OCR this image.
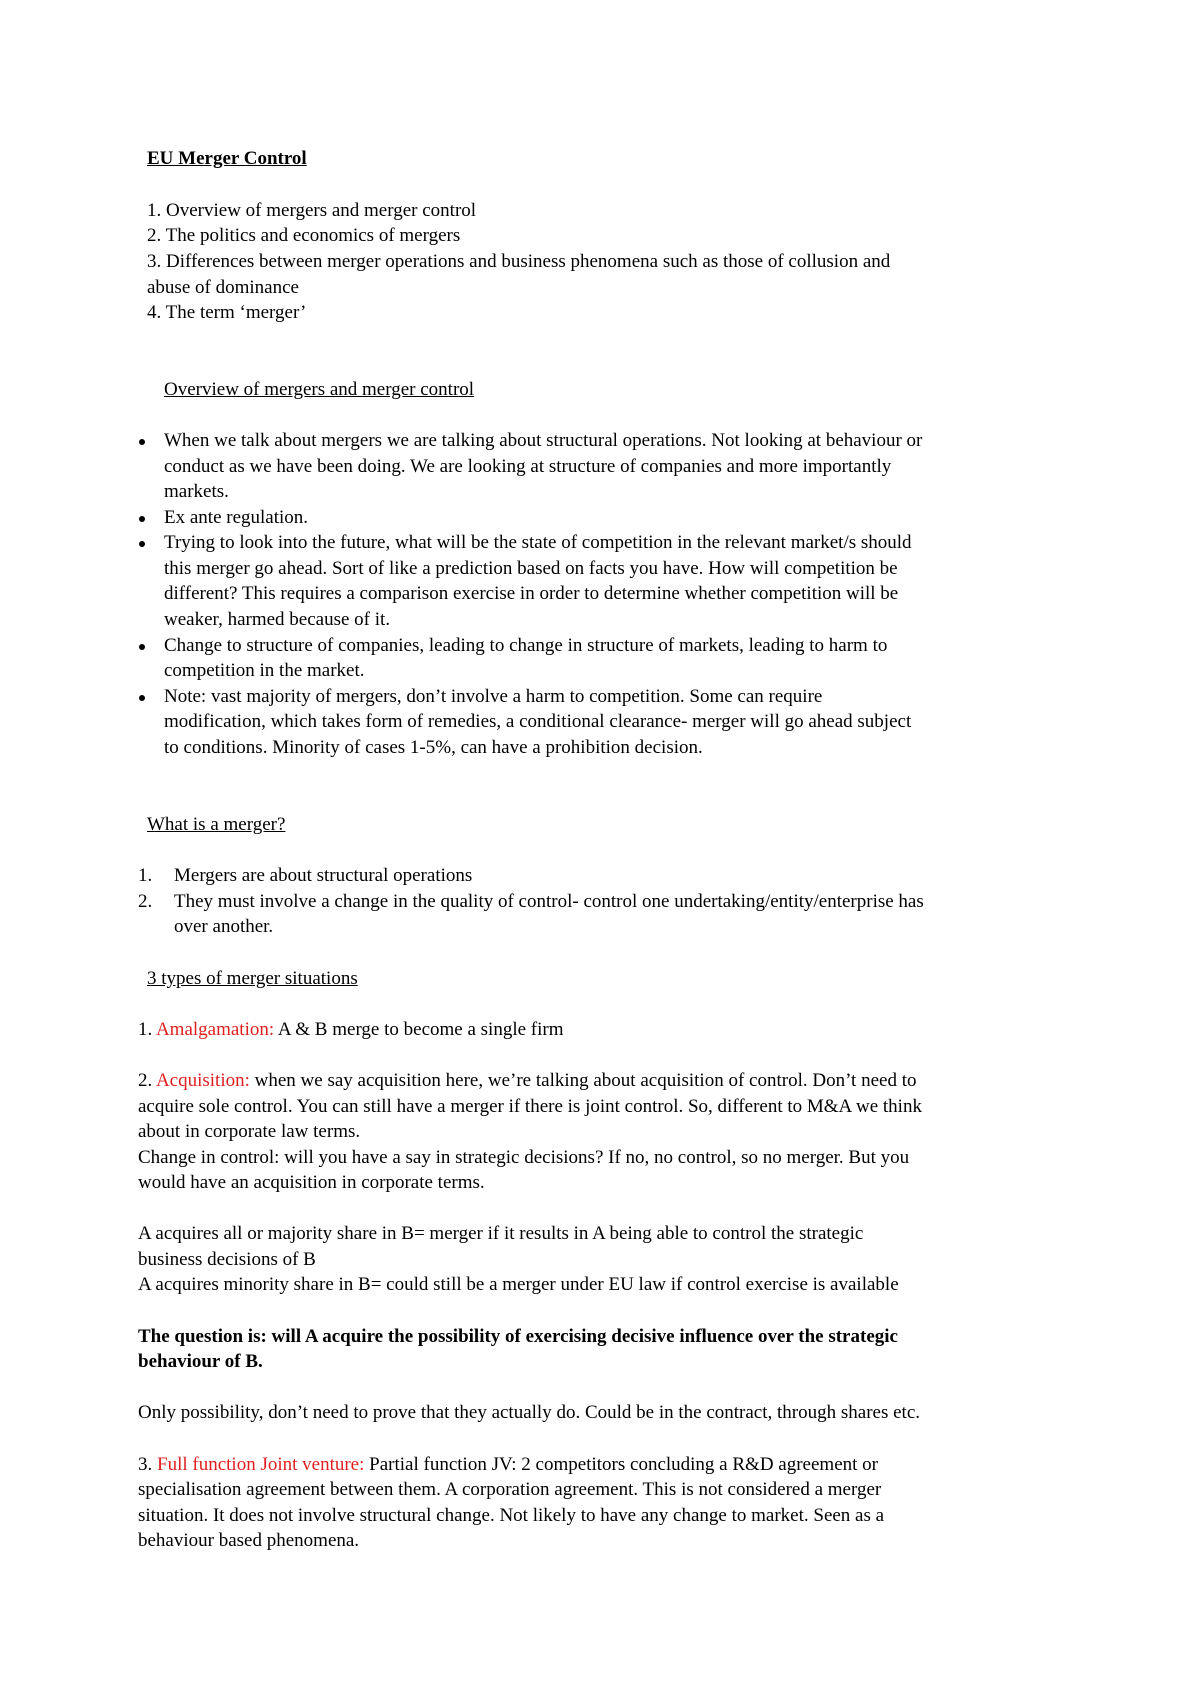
EU Merger Control
1. Overview of mergers and merger control
2. The politics and economics of mergers
3. Differences between merger operations and business phenomena such as those of collusion and
abuse of dominance
4. The term ‘merger’
Overview of mergers and merger control
When we talk about mergers we are talking about structural operations. Not looking at behaviour or
conduct as we have been doing. We are looking at structure of companies and more importantly
markets.
Ex ante regulation.
Trying to look into the future, what will be the state of competition in the relevant market/s should
this merger go ahead. Sort of like a prediction based on facts you have. How will competition be
different? This requires a comparison exercise in order to determine whether competition will be
weaker, harmed because of it.
Change to structure of companies, leading to change in structure of markets, leading to harm to
competition in the market.
Note: vast majority of mergers, don’t involve a harm to competition. Some can require
modification, which takes form of remedies, a conditional clearance- merger will go ahead subject
to conditions. Minority of cases 1-5%, can have a prohibition decision.
What is a merger?
1. Mergers are about structural operations
2. They must involve a change in the quality of control- control one undertaking/entity/enterprise has
over another.
3 types of merger situations
1. Amalgamation: A & B merge to become a single firm
2. Acquisition: when we say acquisition here, we’re talking about acquisition of control. Don’t need to
acquire sole control. You can still have a merger if there is joint control. So, different to M&A we think
about in corporate law terms.
Change in control: will you have a say in strategic decisions? If no, no control, so no merger. But you
would have an acquisition in corporate terms.
A acquires all or majority share in B= merger if it results in A being able to control the strategic
business decisions of B
A acquires minority share in B= could still be a merger under EU law if control exercise is available
The question is: will A acquire the possibility of exercising decisive influence over the strategic
behaviour of B.
Only possibility, don’t need to prove that they actually do. Could be in the contract, through shares etc.
3. Full function Joint venture: Partial function JV: 2 competitors concluding a R&D agreement or
specialisation agreement between them. A corporation agreement. This is not considered a merger
situation. It does not involve structural change. Not likely to have any change to market. Seen as a
behaviour based phenomena.
